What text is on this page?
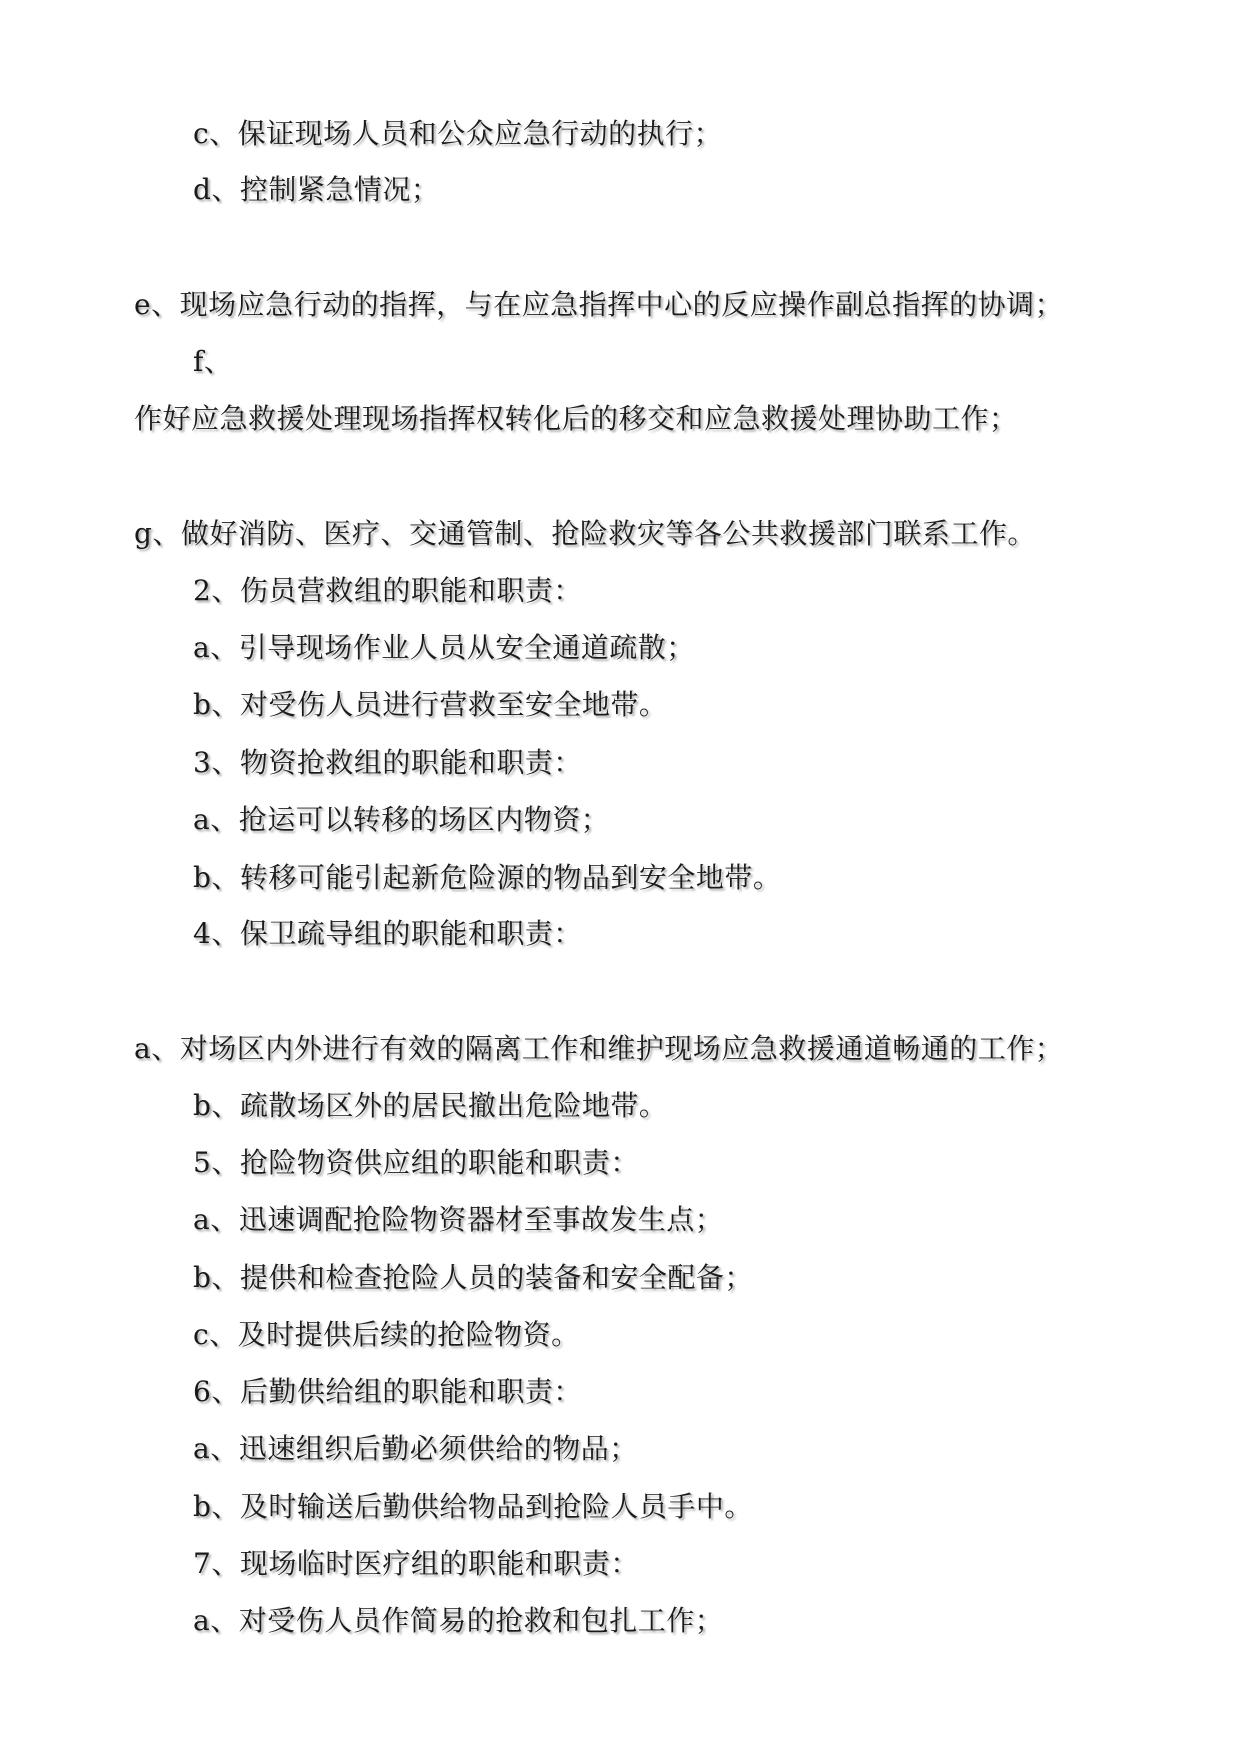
c、保证现场人员和公众应急行动的执行；
d、控制紧急情况；
e、现场应急行动的指挥，与在应急指挥中心的反应操作副总指挥的协调；
f、
作好应急救援处理现场指挥权转化后的移交和应急救援处理协助工作；
g、做好消防、医疗、交通管制、抢险救灾等各公共救援部门联系工作。
2、伤员营救组的职能和职责：
a、引导现场作业人员从安全通道疏散；
b、对受伤人员进行营救至安全地带。
3、物资抢救组的职能和职责：
a、抢运可以转移的场区内物资；
b、转移可能引起新危险源的物品到安全地带。
4、保卫疏导组的职能和职责：
a、对场区内外进行有效的隔离工作和维护现场应急救援通道畅通的工作；
b、疏散场区外的居民撤出危险地带。
5、抢险物资供应组的职能和职责：
a、迅速调配抢险物资器材至事故发生点；
b、提供和检查抢险人员的装备和安全配备；
c、及时提供后续的抢险物资。
6、后勤供给组的职能和职责：
a、迅速组织后勤必须供给的物品；
b、及时输送后勤供给物品到抢险人员手中。
7、现场临时医疗组的职能和职责：
a、对受伤人员作简易的抢救和包扎工作；
